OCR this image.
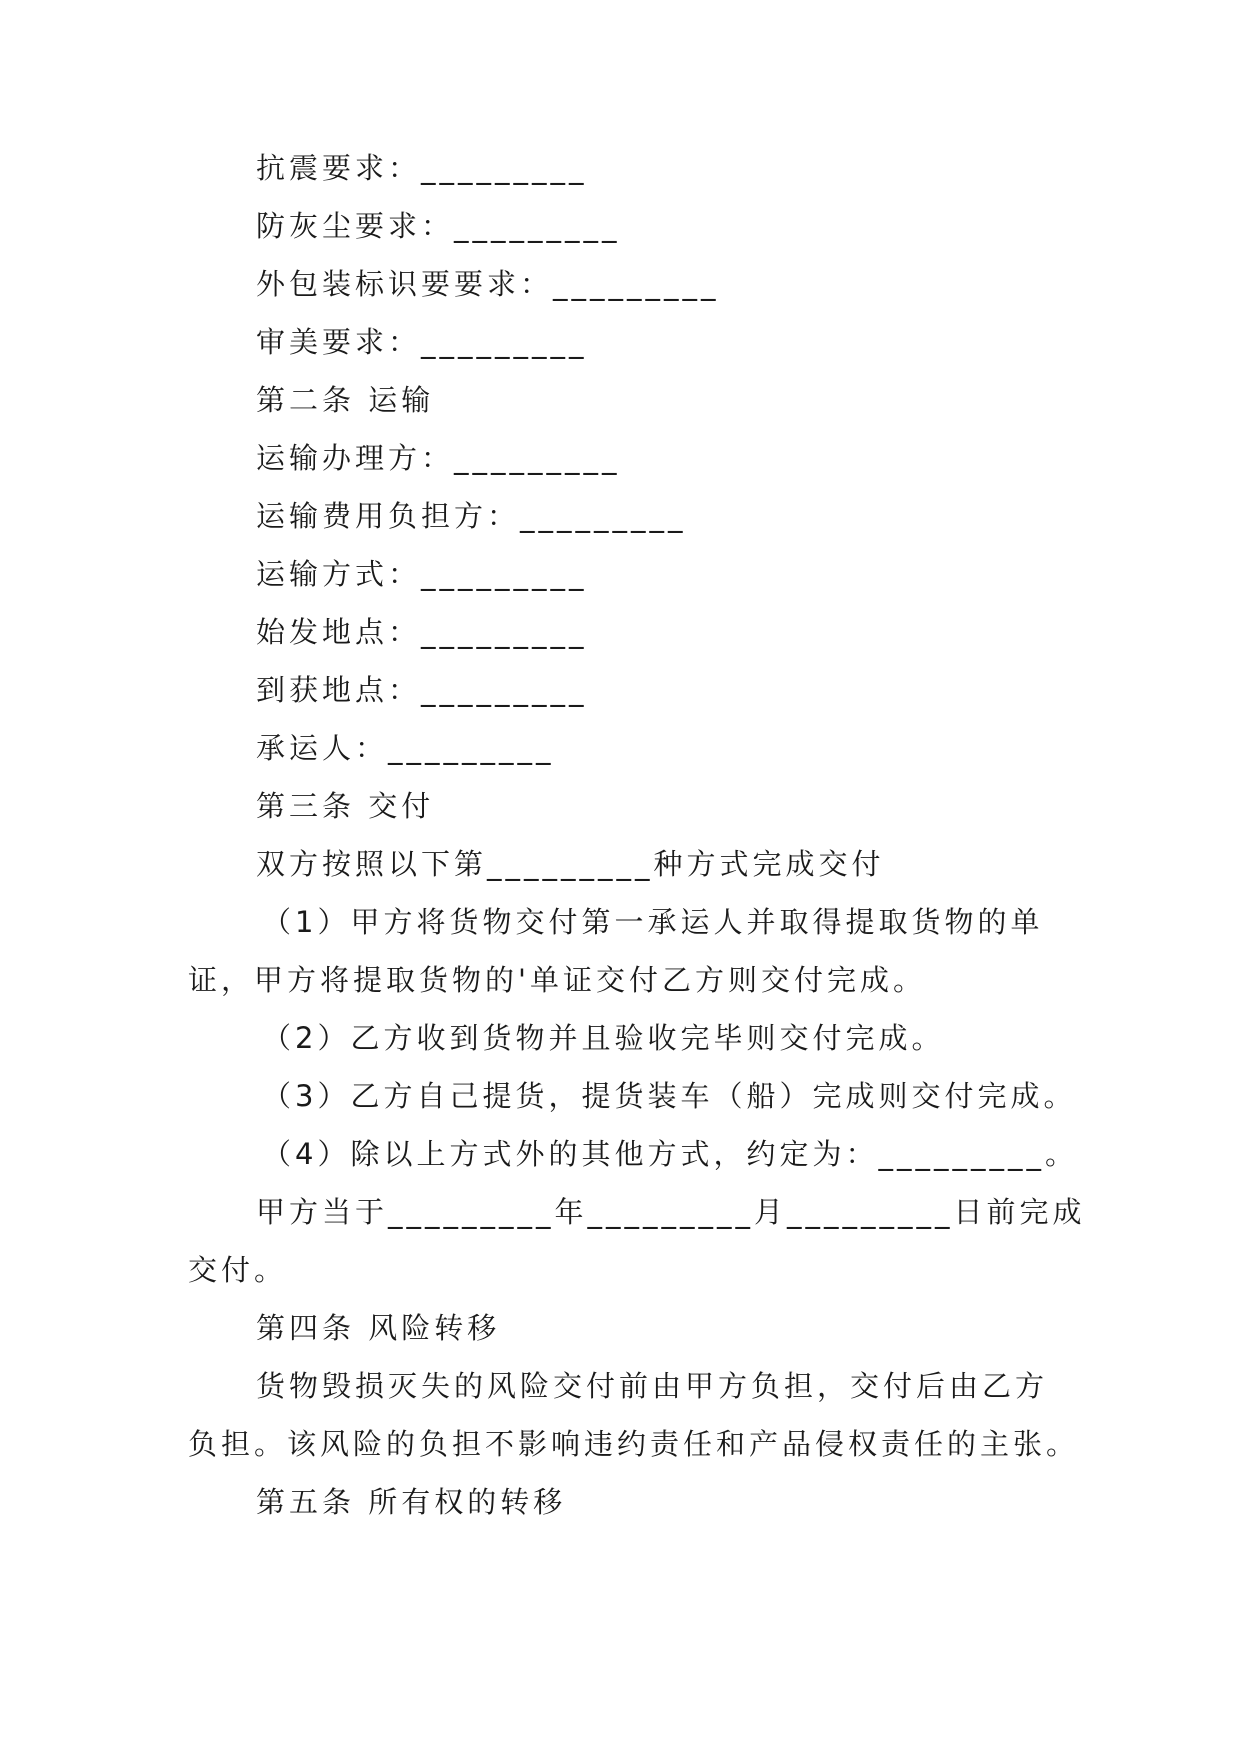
抗震要求：_________
防灰尘要求：_________
外包装标识要要求：_________
审美要求：_________
第二条 运输
运输办理方：_________
运输费用负担方：_________
运输方式：_________
始发地点：_________
到获地点：_________
承运人：_________
第三条 交付
双方按照以下第_________种方式完成交付
（1）甲方将货物交付第一承运人并取得提取货物的单
证，甲方将提取货物的'单证交付乙方则交付完成。
（2）乙方收到货物并且验收完毕则交付完成。
（3）乙方自己提货，提货装车（船）完成则交付完成。
（4）除以上方式外的其他方式，约定为：_________。
甲方当于_________年_________月_________日前完成
交付。
第四条 风险转移
货物毁损灭失的风险交付前由甲方负担，交付后由乙方
负担。该风险的负担不影响违约责任和产品侵权责任的主张。
第五条 所有权的转移
